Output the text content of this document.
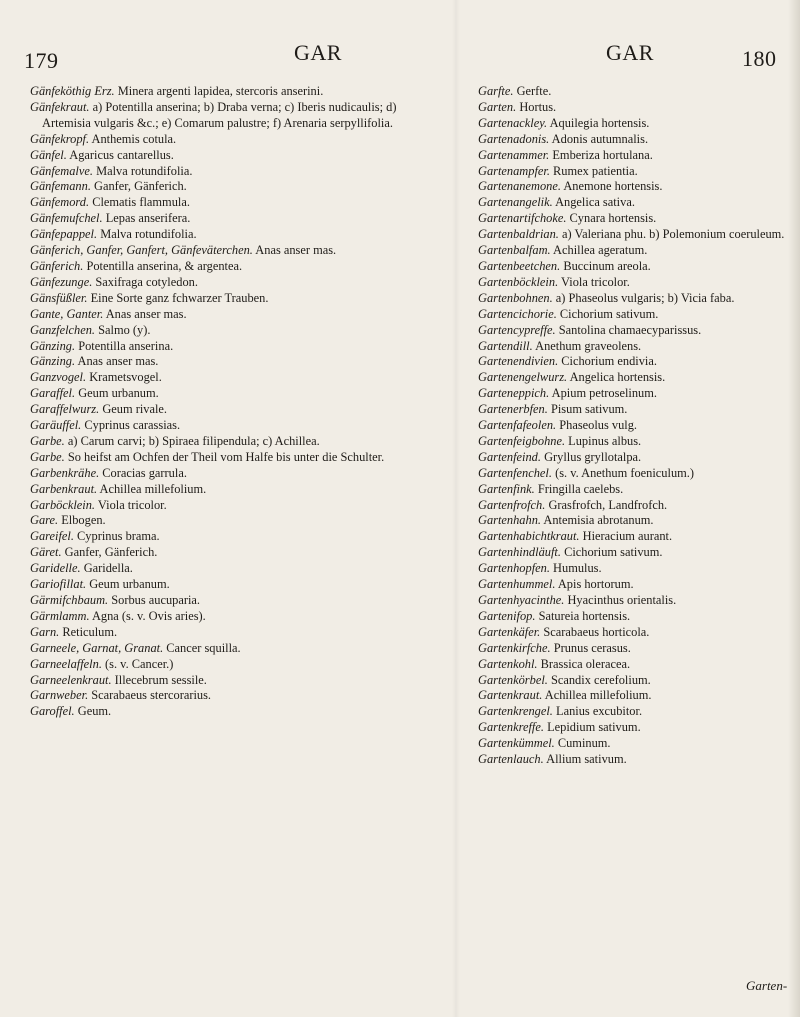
179	GAR	GAR	180
Gänfeköthig Erz. Minera argenti lapidea, stercoris anserini.
Gänfekraut. a) Potentilla anserina; b) Draba verna; c) Iberis nudicaulis; d) Artemisia vulgaris &c.; e) Comarum palustre; f) Arenaria serpyllifolia.
Gänfekropf. Anthemis cotula.
Gänfel. Agaricus cantarellus.
Gänfemalve. Malva rotundifolia.
Gänfemann. Ganfer, Gänferich.
Gänfemord. Clematis flammula.
Gänfemufchel. Lepas anserifera.
Gänfepappel. Malva rotundifolia.
Gänferich, Ganfer, Ganfert, Gänfeväterchen. Anas anser mas.
Gänferich. Potentilla anserina, & argentea.
Gänfezunge. Saxifraga cotyledon.
Gänsfüßler. Eine Sorte ganz fchwarzer Trauben.
Gante, Ganter. Anas anser mas.
Ganzfelchen. Salmo (y).
Gänzing. Potentilla anserina.
Gänzing. Anas anser mas.
Ganzvogel. Krametsvogel.
Garaffel. Geum urbanum.
Garaffelwurz. Geum rivale.
Garäuffel. Cyprinus carassias.
Garbe. a) Carum carvi; b) Spiraea filipendula; c) Achillea.
Garbe. So heifst am Ochfen der Theil vom Halfe bis unter die Schulter.
Garbenkrähe. Coracias garrula.
Garbenkraut. Achillea millefolium.
Garböcklein. Viola tricolor.
Gare. Elbogen.
Gareifel. Cyprinus brama.
Gäret. Ganfer, Gänferich.
Garidelle. Garidella.
Gariofillat. Geum urbanum.
Gärmifchbaum. Sorbus aucuparia.
Gärmlamm. Agna (s. v. Ovis aries).
Garn. Reticulum.
Garneele, Garnat, Granat. Cancer squilla.
Garneelaffeln. (s. v. Cancer.)
Garneelenkraut. Illecebrum sessile.
Garnweber. Scarabaeus stercorarius.
Garoffel. Geum.
Garfte. Gerfte.
Garten. Hortus.
Gartenackley. Aquilegia hortensis.
Gartenadonis. Adonis autumnalis.
Gartenammer. Emberiza hortulana.
Gartenampfer. Rumex patientia.
Gartenanemone. Anemone hortensis.
Gartenangelik. Angelica sativa.
Gartenartifchoke. Cynara hortensis.
Gartenbaldrian. a) Valeriana phu. b) Polemonium coeruleum.
Gartenbalfam. Achillea ageratum.
Gartenbeetchen. Buccinum areola.
Gartenböcklein. Viola tricolor.
Gartenbohnen. a) Phaseolus vulgaris; b) Vicia faba.
Gartencichorie. Cichorium sativum.
Gartencypreffe. Santolina chamaecyparissus.
Gartendill. Anethum graveolens.
Gartenendivien. Cichorium endivia.
Gartenengelwurz. Angelica hortensis.
Garteneppich. Apium petroselinum.
Gartenerbfen. Pisum sativum.
Gartenfafeolen. Phaseolus vulg.
Gartenfeigbohne. Lupinus albus.
Gartenfeind. Gryllus gryllotalpa.
Gartenfenchel. (s. v. Anethum foeniculum.)
Gartenfink. Fringilla caelebs.
Gartenfrofch. Grasfrofch, Landfrofch.
Gartenhahn. Antemisia abrotanum.
Gartenhabichtkraut. Hieracium aurant.
Gartenhindläuft. Cichorium sativum.
Gartenhopfen. Humulus.
Gartenhummel. Apis hortorum.
Gartenhyacinthe. Hyacinthus orientalis.
Gartenifop. Satureia hortensis.
Gartenkäfer. Scarabaeus horticola.
Gartenkirfche. Prunus cerasus.
Gartenkohl. Brassica oleracea.
Gartenkörbel. Scandix cerefolium.
Gartenkraut. Achillea millefolium.
Gartenkrengel. Lanius excubitor.
Gartenkreffe. Lepidium sativum.
Gartenkümmel. Cuminum.
Gartenlauch. Allium sativum.
Garten-
